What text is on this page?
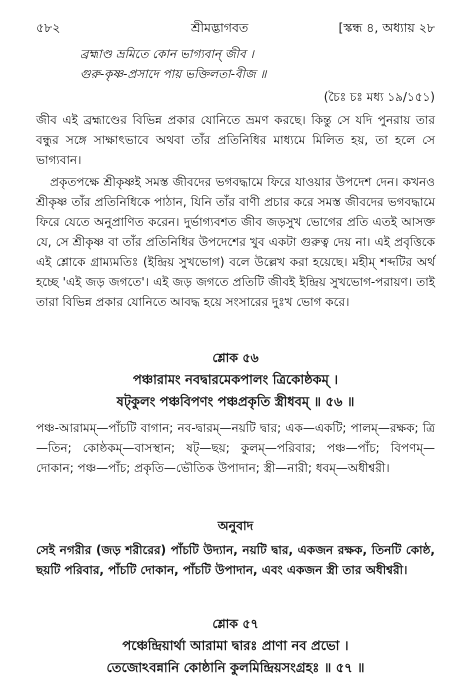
৫৮২	শ্রীমদ্ভাগবত	[স্কন্ধ ৪, অধ্যায় ২৮
ব্রহ্মাণ্ড ভ্রমিতে কোন ভাগ্যবান্ জীব ।
গুরু-কৃষ্ণ-প্রসাদে পায় ভক্তিলতা-বীজ ॥
(চৈঃ চঃ মধ্য ১৯/১৫১)

জীব এই ব্রহ্মাণ্ডের বিভিন্ন প্রকার যোনিতে ভ্রমণ করছে। কিন্তু সে যদি পুনরায় তার বন্ধুর সঙ্গে সাক্ষাৎভাবে অথবা তাঁর প্রতিনিধির মাধ্যমে মিলিত হয়, তা হলে সে ভাগ্যবান।

প্রকৃতপক্ষে শ্রীকৃষ্ণই সমস্ত জীবদের ভগবদ্ধামে ফিরে যাওয়ার উপদেশ দেন। কখনও শ্রীকৃষ্ণ তাঁর প্রতিনিধিকে পাঠান, যিনি তাঁর বাণী প্রচার করে সমস্ত জীবদের ভগবদ্ধামে ফিরে যেতে অনুপ্রাণিত করেন। দুর্ভাগ্যবশত জীব জড়সুখ ভোগের প্রতি এতই আসক্ত যে, সে শ্রীকৃষ্ণ বা তাঁর প্রতিনিধির উপদেশের খুব একটা গুরুত্ব দেয় না। এই প্রবৃত্তিকে এই শ্লোকে গ্রাম্যমতিঃ (ইন্দ্রিয় সুখভোগ) বলে উল্লেখ করা হয়েছে। মহীম্ শব্দটির অর্থ হচ্ছে 'এই জড় জগতে'। এই জড় জগতে প্রতিটি জীবই ইন্দ্রিয় সুখভোগ-পরায়ণ। তাই তারা বিভিন্ন প্রকার যোনিতে আবদ্ধ হয়ে সংসারের দুঃখ ভোগ করে।

শ্লোক ৫৬
পঞ্চারামং নবদ্বারমেকপালং ত্রিকোষ্ঠকম্ ।
ষট্‌কুলং পঞ্চবিপণং পঞ্চপ্রকৃতি স্ত্রীধবম্ ॥ ৫৬ ॥

পঞ্চ-আরামম্—পাঁচটি বাগান; নব-দ্বারম্—নয়টি দ্বার; এক—একটি; পালম্—রক্ষক; ত্রি—তিন; কোষ্ঠকম্—বাসস্থান; ষট্—ছয়; কুলম্—পরিবার; পঞ্চ—পাঁচ; বিপণম্—দোকান; পঞ্চ—পাঁচ; প্রকৃতি—ভৌতিক উপাদান; স্ত্রী—নারী; ধবম্—অধীশ্বরী।

অনুবাদ

সেই নগরীর (জড় শরীরের) পাঁচটি উদ্যান, নয়টি দ্বার, একজন রক্ষক, তিনটি কোষ্ঠ, ছয়টি পরিবার, পাঁচটি দোকান, পাঁচটি উপাদান, এবং একজন স্ত্রী তার অধীশ্বরী।

শ্লোক ৫৭
পঞ্চেন্দ্রিয়ার্থা আরামা দ্বারঃ প্রাণা নব প্রভো ।
তেজোঽবন্নানি কোষ্ঠানি কুলমিন্দ্রিয়সংগ্রহঃ ॥ ৫৭ ॥
